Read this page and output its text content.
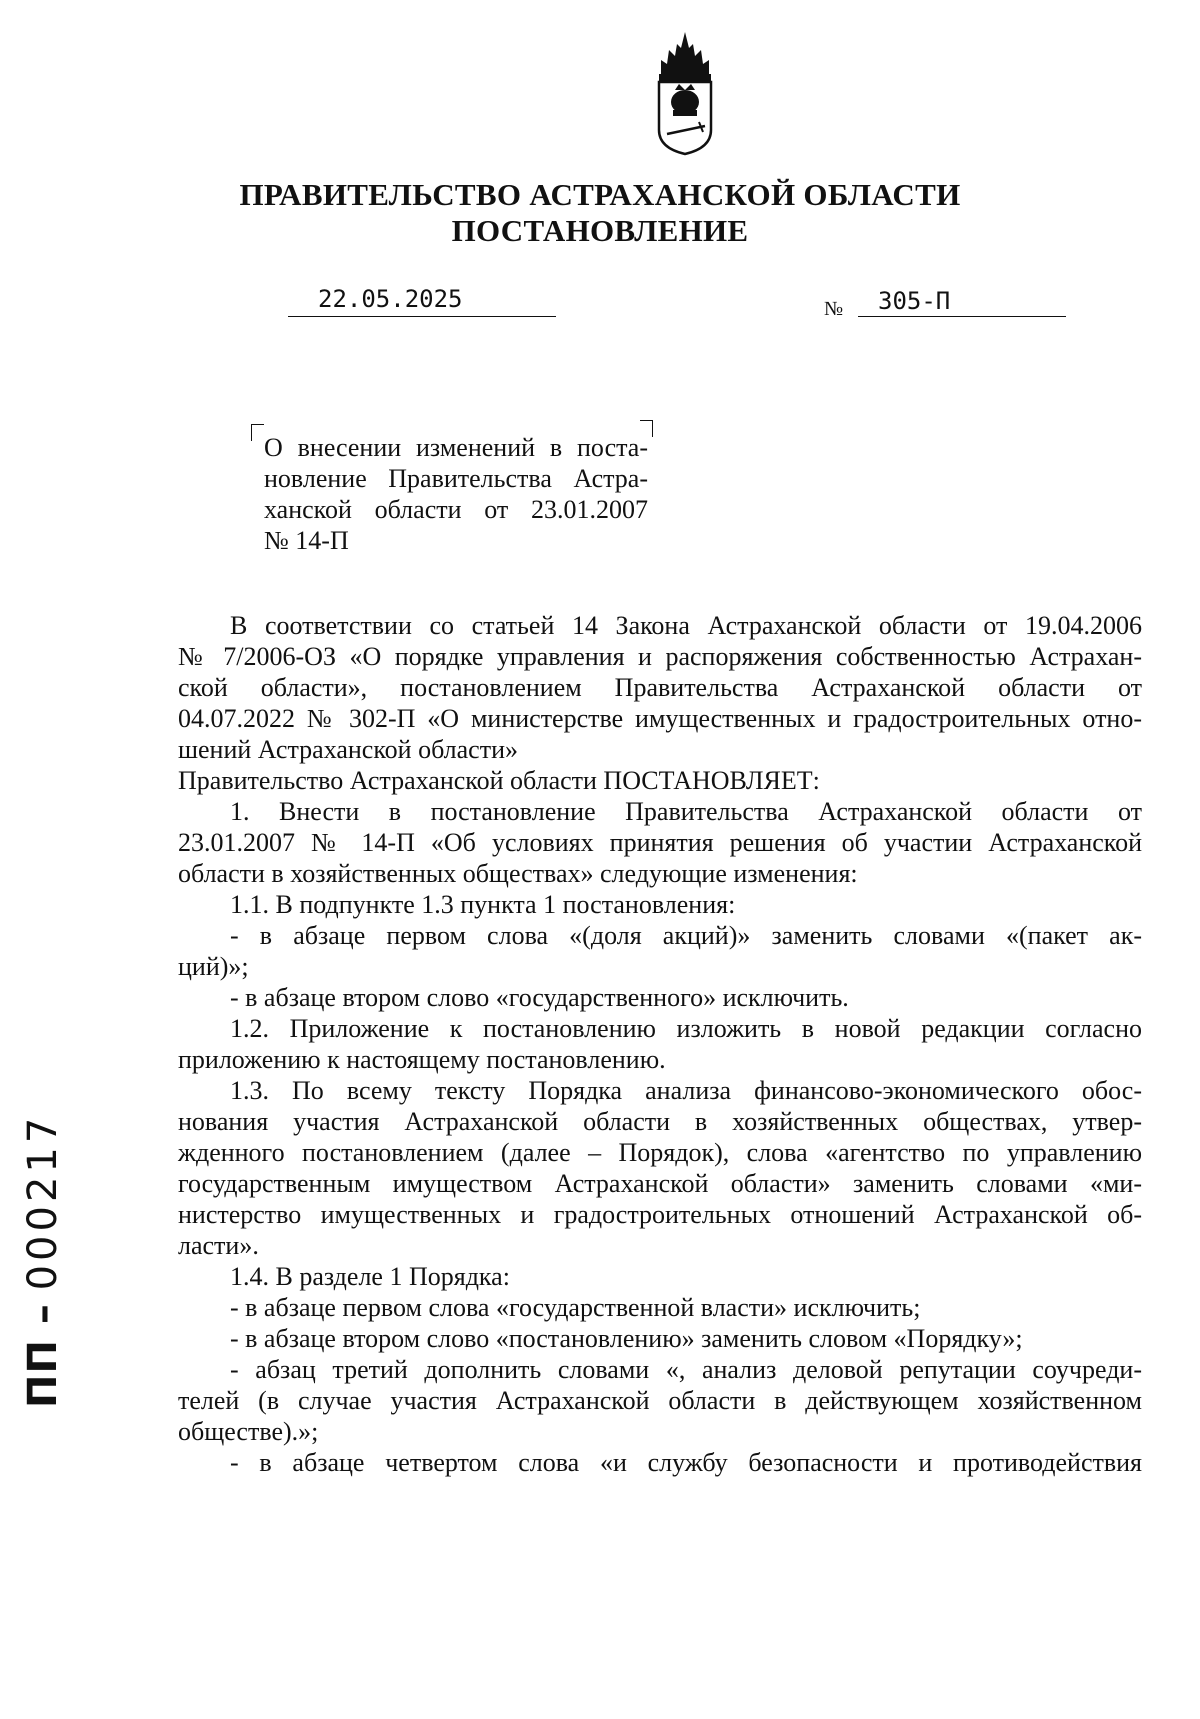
ПРАВИТЕЛЬСТВО АСТРАХАНСКОЙ ОБЛАСТИ
ПОСТАНОВЛЕНИЕ
22.05.2025	№ 305-П
О внесении изменений в поста-
новление Правительства Астра-
ханской области от 23.01.2007
№ 14-П
В соответствии со статьей 14 Закона Астраханской области от 19.04.2006
№ 7/2006-ОЗ «О порядке управления и распоряжения собственностью Астрахан-
ской области», постановлением Правительства Астраханской области от
04.07.2022 № 302-П «О министерстве имущественных и градостроительных отно-
шений Астраханской области»
Правительство Астраханской области ПОСТАНОВЛЯЕТ:
1. Внести в постановление Правительства Астраханской области от
23.01.2007 № 14-П «Об условиях принятия решения об участии Астраханской
области в хозяйственных обществах» следующие изменения:
1.1. В подпункте 1.3 пункта 1 постановления:
- в абзаце первом слова «(доля акций)» заменить словами «(пакет ак-
ций)»;
- в абзаце втором слово «государственного» исключить.
1.2. Приложение к постановлению изложить в новой редакции согласно
приложению к настоящему постановлению.
1.3. По всему тексту Порядка анализа финансово-экономического обос-
нования участия Астраханской области в хозяйственных обществах, утвер-
жденного постановлением (далее – Порядок), слова «агентство по управлению
государственным имуществом Астраханской области» заменить словами «ми-
нистерство имущественных и градостроительных отношений Астраханской об-
ласти».
1.4. В разделе 1 Порядка:
- в абзаце первом слова «государственной власти» исключить;
- в абзаце втором слово «постановлению» заменить словом «Порядку»;
- абзац третий дополнить словами «, анализ деловой репутации соучреди-
телей (в случае участия Астраханской области в действующем хозяйственном
обществе).»;
- в абзаце четвертом слова «и службу безопасности и противодействия
ПП – 000217
